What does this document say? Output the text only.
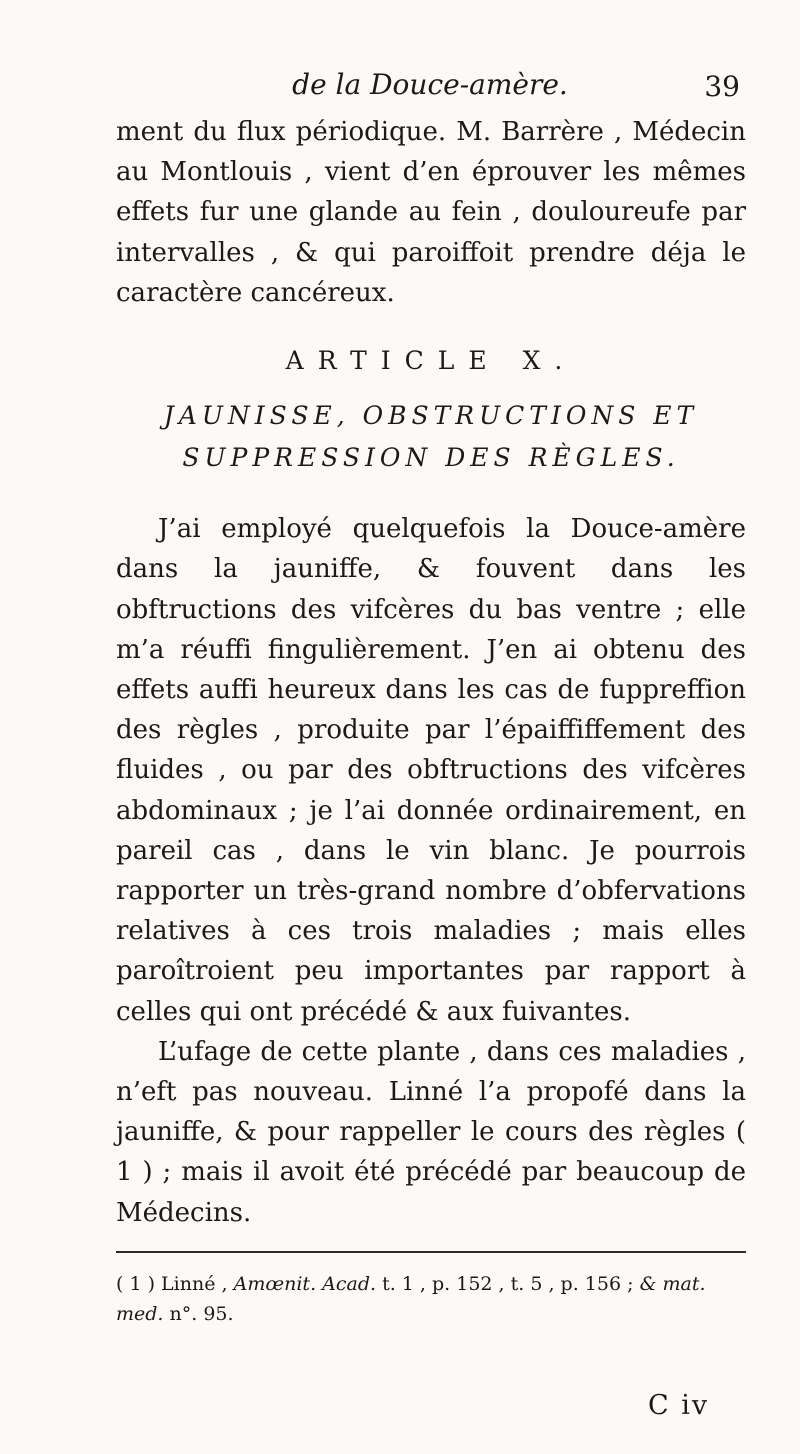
de la Douce-amère.	39

ment du flux périodique. M. Barrère , Médecin au Montlouis , vient d’en éprouver les mêmes effets fur une glande au fein , douloureufe par intervalles , & qui paroiffoit prendre déja le caractère cancéreux.

ARTICLE X.
JAUNISSE, OBSTRUCTIONS ET
SUPPRESSION DES RÈGLES.

J’ai employé quelquefois la Douce-amère dans la jauniffe, & fouvent dans les obftructions des vifcères du bas ventre ; elle m’a réuffi fingulièrement. J’en ai obtenu des effets auffi heureux dans les cas de fuppreffion des règles , produite par l’épaiffiffement des fluides , ou par des obftructions des vifcères abdominaux ; je l’ai donnée ordinairement, en pareil cas , dans le vin blanc. Je pourrois rapporter un très-grand nombre d’obfervations relatives à ces trois maladies ; mais elles paroîtroient peu importantes par rapport à celles qui ont précédé & aux fuivantes.

L’ufage de cette plante , dans ces maladies , n’eft pas nouveau. Linné l’a propofé dans la jauniffe, & pour rappeller le cours des règles ( 1 ) ; mais il avoit été précédé par beaucoup de Médecins.

( 1 ) Linné , Amœnit. Acad. t. 1 , p. 152 , t. 5 , p. 156 ; & mat. med. n°. 95.

C iv
